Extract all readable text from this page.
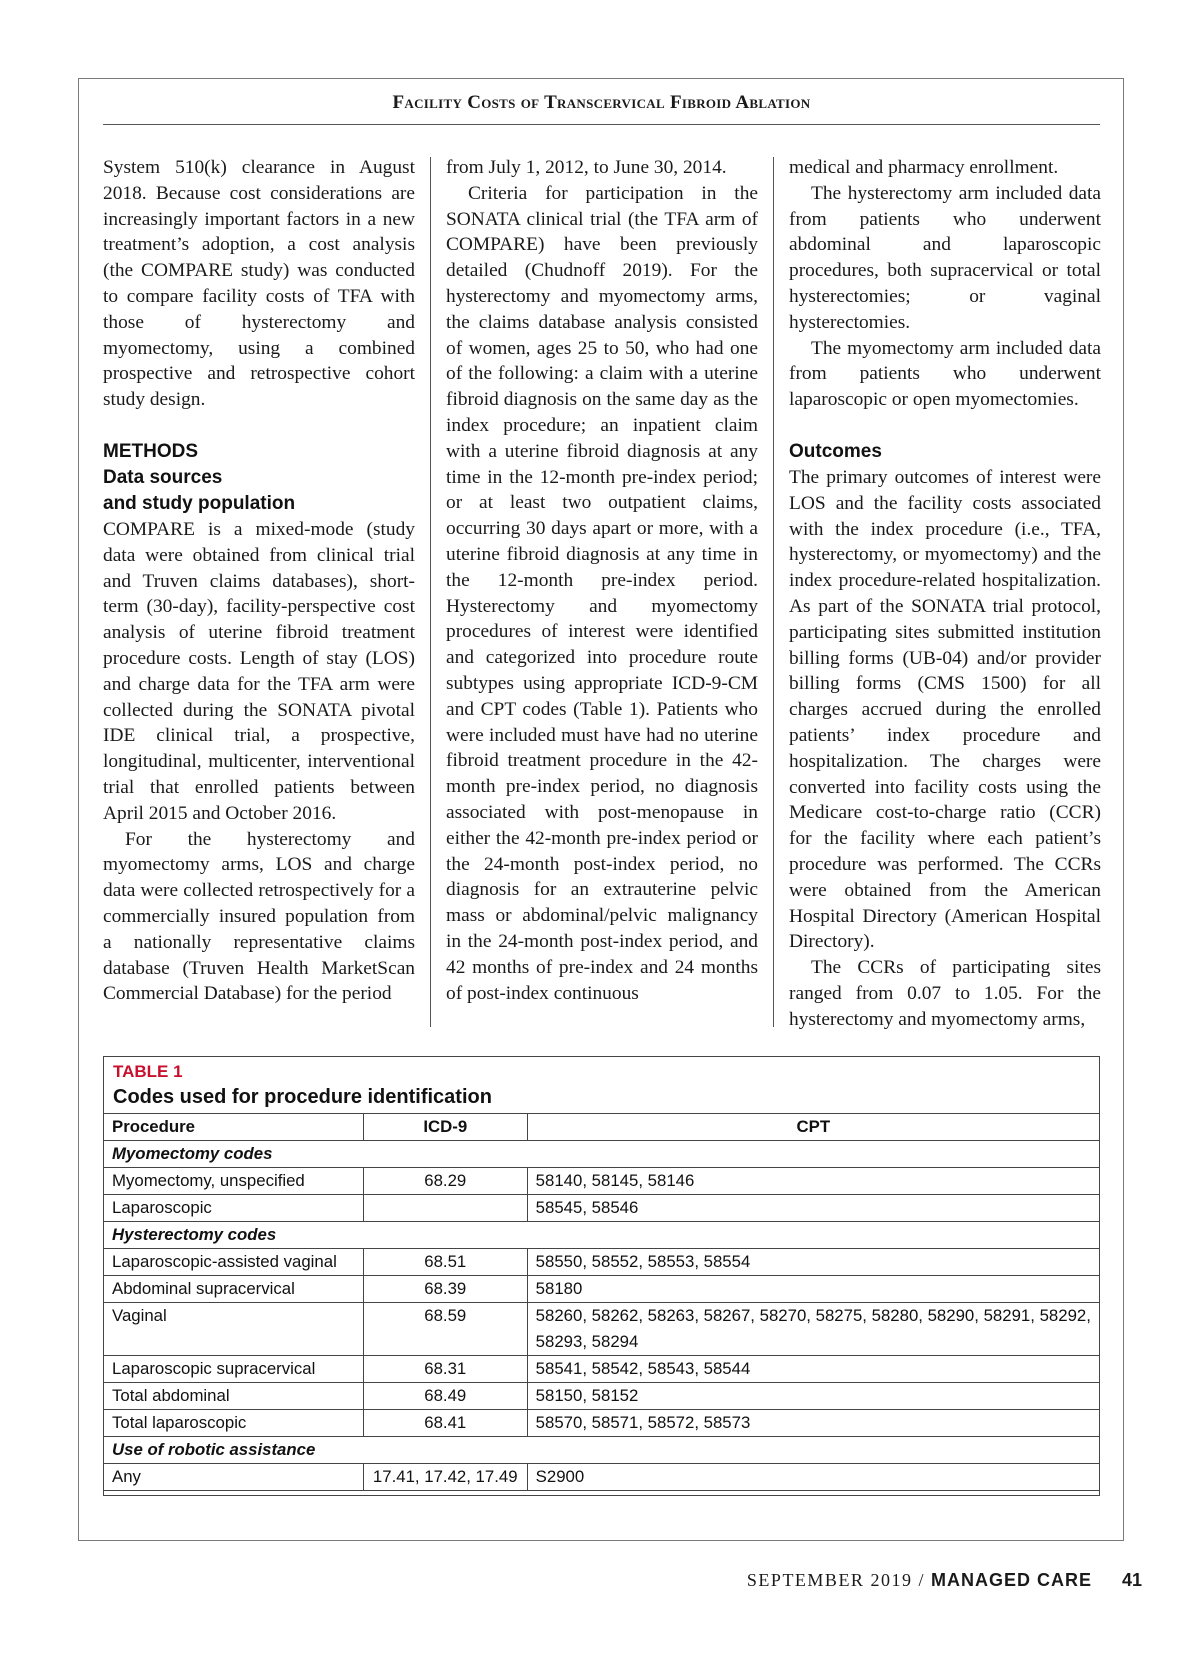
Facility Costs of Transcervical Fibroid Ablation

System 510(k) clearance in August 2018. Because cost considerations are increasingly important factors in a new treatment’s adoption, a cost analysis (the COMPARE study) was conducted to compare facility costs of TFA with those of hysterectomy and myomectomy, using a combined prospective and retrospective cohort study design.

METHODS
Data sources
and study population

COMPARE is a mixed-mode (study data were obtained from clinical trial and Truven claims databases), short-term (30-day), facility-perspective cost analysis of uterine fibroid treatment procedure costs. Length of stay (LOS) and charge data for the TFA arm were collected during the SONATA pivotal IDE clinical trial, a prospective, longitudinal, multicenter, interventional trial that enrolled patients between April 2015 and October 2016.

For the hysterectomy and myomectomy arms, LOS and charge data were collected retrospectively for a commercially insured population from a nationally representative claims database (Truven Health MarketScan Commercial Database) for the period

from July 1, 2012, to June 30, 2014.

Criteria for participation in the SONATA clinical trial (the TFA arm of COMPARE) have been previously detailed (Chudnoff 2019). For the hysterectomy and myomectomy arms, the claims database analysis consisted of women, ages 25 to 50, who had one of the following: a claim with a uterine fibroid diagnosis on the same day as the index procedure; an inpatient claim with a uterine fibroid diagnosis at any time in the 12-month pre-index period; or at least two outpatient claims, occurring 30 days apart or more, with a uterine fibroid diagnosis at any time in the 12-month pre-index period. Hysterectomy and myomectomy procedures of interest were identified and categorized into procedure route subtypes using appropriate ICD-9-CM and CPT codes (Table 1). Patients who were included must have had no uterine fibroid treatment procedure in the 42-month pre-index period, no diagnosis associated with post-menopause in either the 42-month pre-index period or the 24-month post-index period, no diagnosis for an extrauterine pelvic mass or abdominal/pelvic malignancy in the 24-month post-index period, and 42 months of pre-index and 24 months of post-index continuous

medical and pharmacy enrollment.

The hysterectomy arm included data from patients who underwent abdominal and laparoscopic procedures, both supracervical or total hysterectomies; or vaginal hysterectomies.

The myomectomy arm included data from patients who underwent laparoscopic or open myomectomies.

Outcomes

The primary outcomes of interest were LOS and the facility costs associated with the index procedure (i.e., TFA, hysterectomy, or myomectomy) and the index procedure-related hospitalization. As part of the SONATA trial protocol, participating sites submitted institution billing forms (UB-04) and/or provider billing forms (CMS 1500) for all charges accrued during the enrolled patients’ index procedure and hospitalization. The charges were converted into facility costs using the Medicare cost-to-charge ratio (CCR) for the facility where each patient’s procedure was performed. The CCRs were obtained from the American Hospital Directory (American Hospital Directory).

The CCRs of participating sites ranged from 0.07 to 1.05. For the hysterectomy and myomectomy arms,

TABLE 1
Codes used for procedure identification
Procedure	ICD-9	CPT
Myomectomy codes		
Myomectomy, unspecified	68.29	58140, 58145, 58146
Laparoscopic		58545, 58546
Hysterectomy codes		
Laparoscopic-assisted vaginal	68.51	58550, 58552, 58553, 58554
Abdominal supracervical	68.39	58180
Vaginal	68.59	58260, 58262, 58263, 58267, 58270, 58275, 58280, 58290, 58291, 58292, 58293, 58294
Laparoscopic supracervical	68.31	58541, 58542, 58543, 58544
Total abdominal	68.49	58150, 58152
Total laparoscopic	68.41	58570, 58571, 58572, 58573
Use of robotic assistance		
Any	17.41, 17.42, 17.49	S2900
SEPTEMBER 2019 / MANAGED CARE 41
